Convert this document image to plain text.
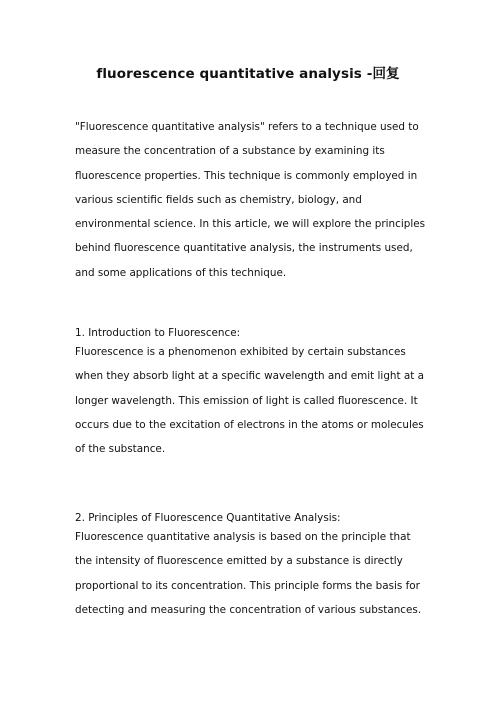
fluorescence quantitative analysis -回复

"Fluorescence quantitative analysis" refers to a technique used to measure the concentration of a substance by examining its fluorescence properties. This technique is commonly employed in various scientific fields such as chemistry, biology, and environmental science. In this article, we will explore the principles behind fluorescence quantitative analysis, the instruments used, and some applications of this technique.

1. Introduction to Fluorescence:

Fluorescence is a phenomenon exhibited by certain substances when they absorb light at a specific wavelength and emit light at a longer wavelength. This emission of light is called fluorescence. It occurs due to the excitation of electrons in the atoms or molecules of the substance.

2. Principles of Fluorescence Quantitative Analysis:

Fluorescence quantitative analysis is based on the principle that the intensity of fluorescence emitted by a substance is directly proportional to its concentration. This principle forms the basis for detecting and measuring the concentration of various substances.
